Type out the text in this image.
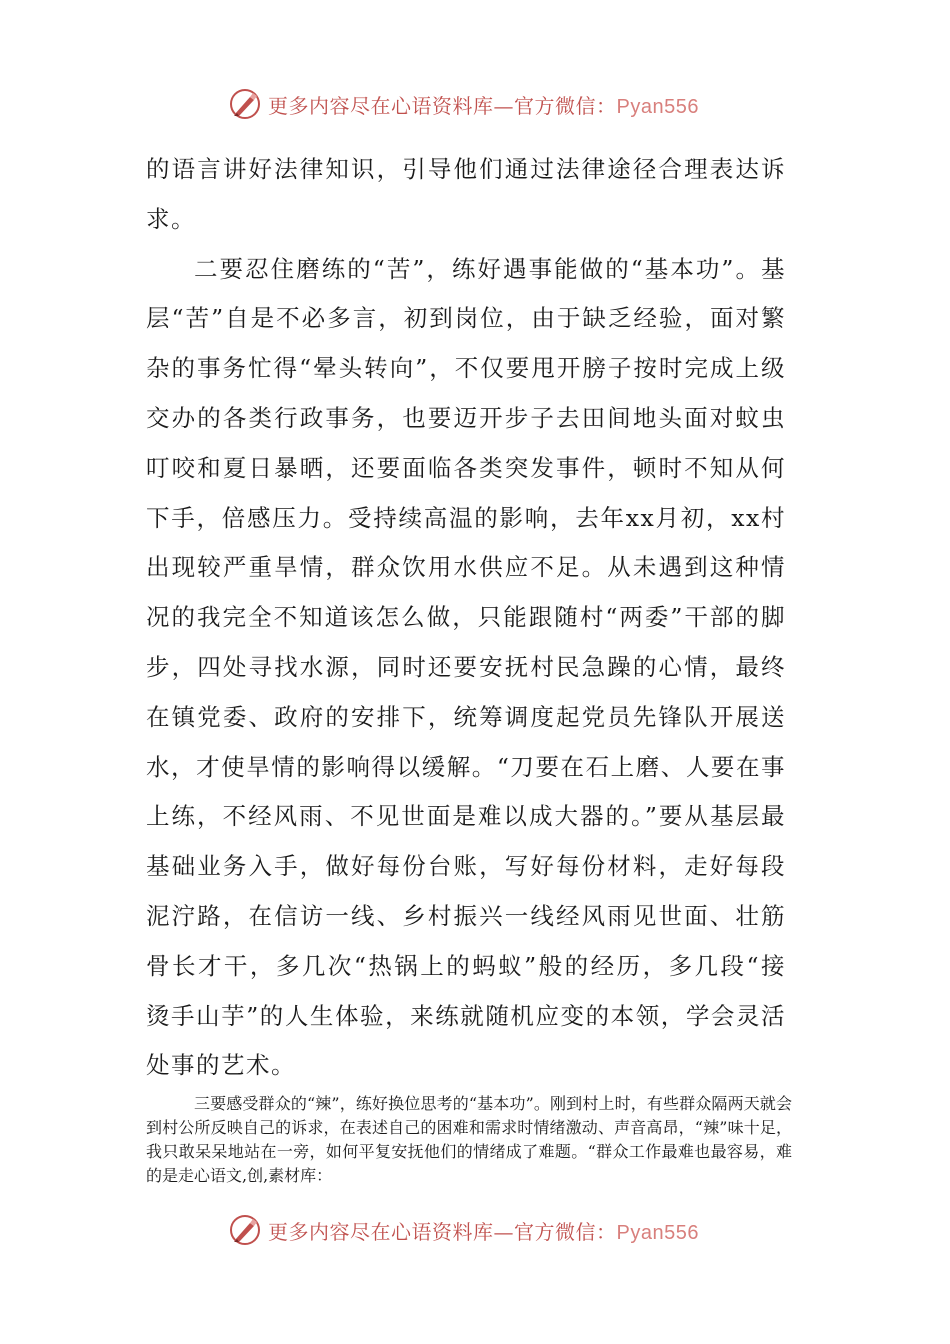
更多内容尽在心语资料库—官方微信：Pyan556

的语言讲好法律知识，引导他们通过法律途径合理表达诉求。

二要忍住磨练的“苦”，练好遇事能做的“基本功”。基层“苦”自是不必多言，初到岗位，由于缺乏经验，面对繁杂的事务忙得“晕头转向”，不仅要甩开膀子按时完成上级交办的各类行政事务，也要迈开步子去田间地头面对蚊虫叮咬和夏日暴晒，还要面临各类突发事件，顿时不知从何下手，倍感压力。受持续高温的影响，去年xx月初，xx村出现较严重旱情，群众饮用水供应不足。从未遇到这种情况的我完全不知道该怎么做，只能跟随村“两委”干部的脚步，四处寻找水源，同时还要安抚村民急躁的心情，最终在镇党委、政府的安排下，统筹调度起党员先锋队开展送水，才使旱情的影响得以缓解。“刀要在石上磨、人要在事上练，不经风雨、不见世面是难以成大器的。”要从基层最基础业务入手，做好每份台账，写好每份材料，走好每段泥泞路，在信访一线、乡村振兴一线经风雨见世面、壮筋骨长才干，多几次“热锅上的蚂蚁”般的经历，多几段“接烫手山芋”的人生体验，来练就随机应变的本领，学会灵活处事的艺术。

三要感受群众的“辣”，练好换位思考的“基本功”。刚到村上时，有些群众隔两天就会到村公所反映自己的诉求，在表述自己的困难和需求时情绪激动、声音高昂，“辣”味十足，我只敢呆呆地站在一旁，如何平复安抚他们的情绪成了难题。“群众工作最难也最容易，难的是走心语文,创,素材库：

更多内容尽在心语资料库—官方微信：Pyan556
